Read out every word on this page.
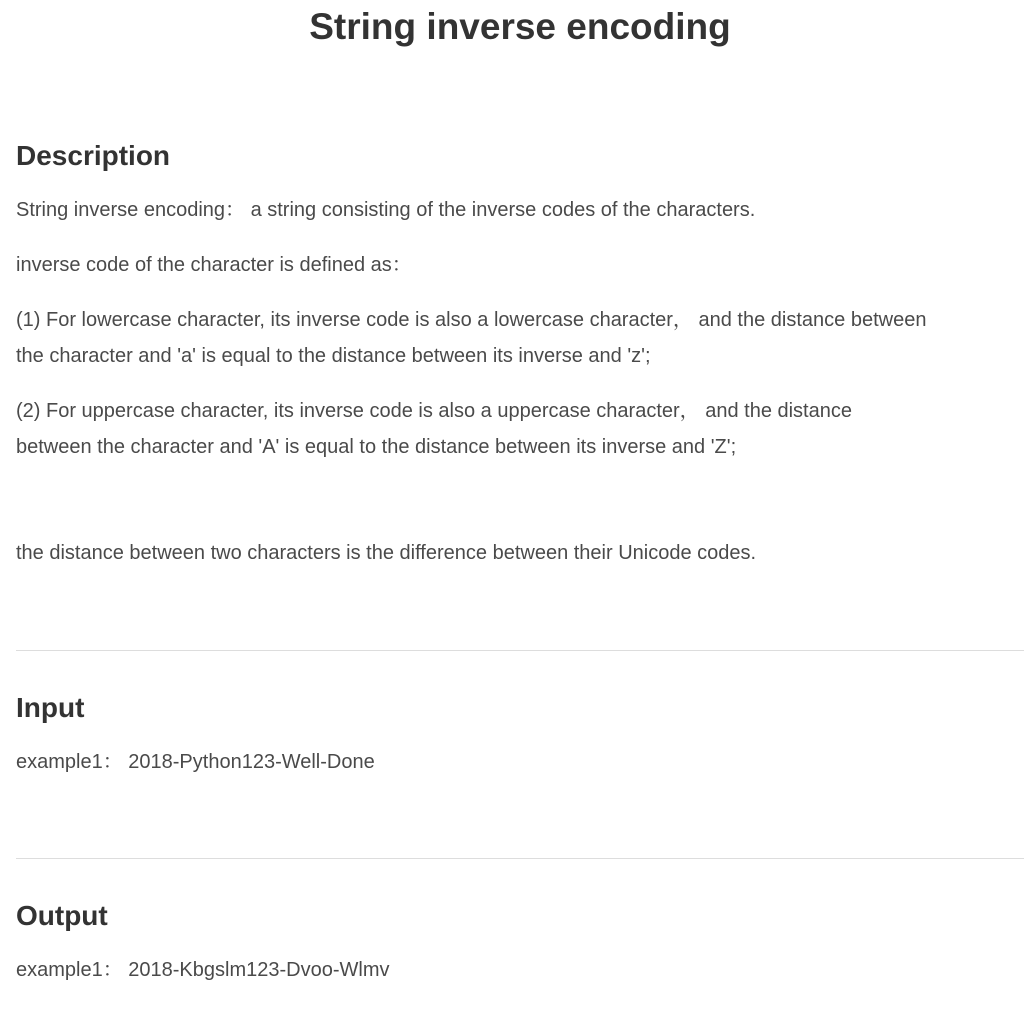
String inverse encoding
Description

String inverse encoding： a string consisting of the inverse codes of the characters.

inverse code of the character is defined as：

(1) For lowercase character, its inverse code is also a lowercase character， and the distance between

the character and 'a' is equal to the distance between its inverse and 'z';

(2) For uppercase character, its inverse code is also a uppercase character， and the distance

between the character and 'A' is equal to the distance between its inverse and 'Z';

the distance between two characters is the difference between their Unicode codes.

Input

example1： 2018-Python123-Well-Done

Output

example1： 2018-Kbgslm123-Dvoo-Wlmv
